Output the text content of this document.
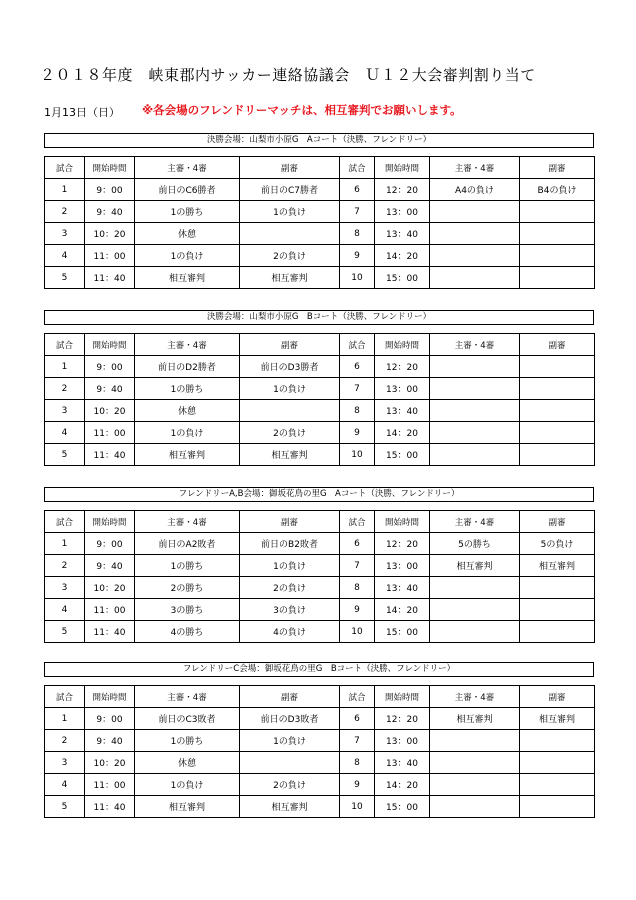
２０１８年度　峡東郡内サッカー連絡協議会　Ｕ１２大会審判割り当て
1月13日（日） ※各会場のフレンドリーマッチは、相互審判でお願いします。
決勝会場：山梨市小原G　Aコート（決勝、フレンドリー）
試合	開始時間	主審・4審	副審	試合	開始時間	主審・4審	副審
1	9：00	前日のC6勝者	前日のC7勝者	6	12：20	A4の負け	B4の負け
2	9：40	1の勝ち	1の負け	7	13：00		
3	10：20	休憩		8	13：40		
4	11：00	1の負け	2の負け	9	14：20		
5	11：40	相互審判	相互審判	10	15：00		
決勝会場：山梨市小原G　Bコート（決勝、フレンドリー）
試合	開始時間	主審・4審	副審	試合	開始時間	主審・4審	副審
1	9：00	前日のD2勝者	前日のD3勝者	6	12：20		
2	9：40	1の勝ち	1の負け	7	13：00		
3	10：20	休憩		8	13：40		
4	11：00	1の負け	2の負け	9	14：20		
5	11：40	相互審判	相互審判	10	15：00		
フレンドリーA,B会場：御坂花鳥の里G　Aコート（決勝、フレンドリー）
試合	開始時間	主審・4審	副審	試合	開始時間	主審・4審	副審
1	9：00	前日のA2敗者	前日のB2敗者	6	12：20	5の勝ち	5の負け
2	9：40	1の勝ち	1の負け	7	13：00	相互審判	相互審判
3	10：20	2の勝ち	2の負け	8	13：40		
4	11：00	3の勝ち	3の負け	9	14：20		
5	11：40	4の勝ち	4の負け	10	15：00		
フレンドリーC会場：御坂花鳥の里G　Bコート（決勝、フレンドリー）
試合	開始時間	主審・4審	副審	試合	開始時間	主審・4審	副審
1	9：00	前日のC3敗者	前日のD3敗者	6	12：20	相互審判	相互審判
2	9：40	1の勝ち	1の負け	7	13：00		
3	10：20	休憩		8	13：40		
4	11：00	1の負け	2の負け	9	14：20		
5	11：40	相互審判	相互審判	10	15：00		
